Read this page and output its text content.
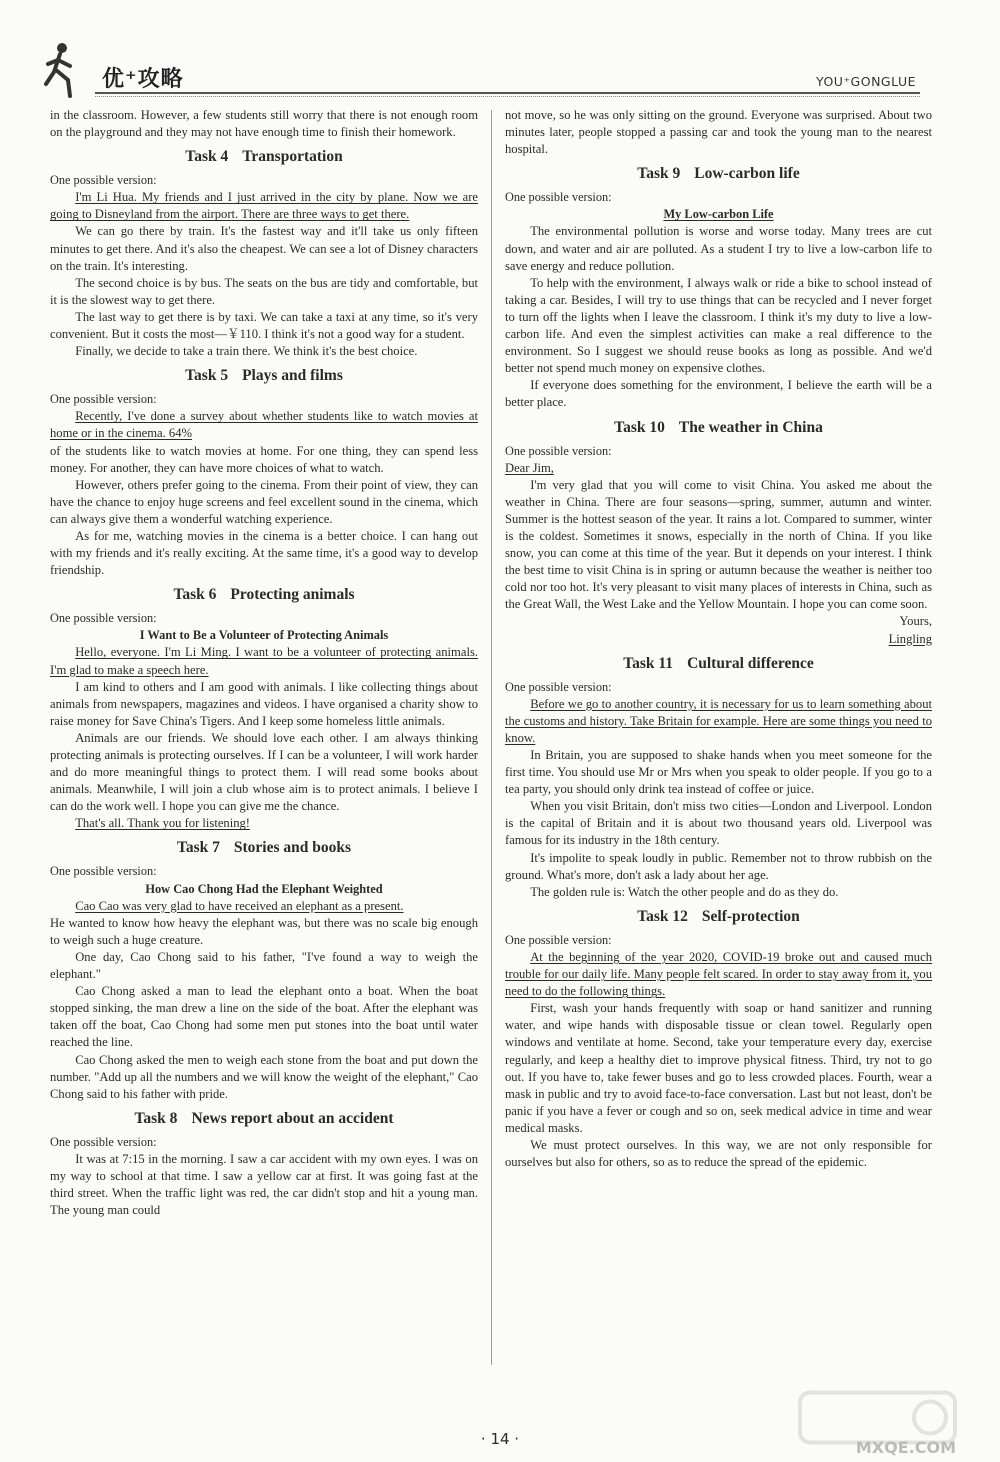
优⁺攻略	YOU⁺GONGLUE

in the classroom. However, a few students still worry that there is not enough room on the playground and they may not have enough time to finish their homework.

Task 4 Transportation

One possible version:

I'm Li Hua. My friends and I just arrived in the city by plane. Now we are going to Disneyland from the airport. There are three ways to get there.

We can go there by train. It's the fastest way and it'll take us only fifteen minutes to get there. And it's also the cheapest. We can see a lot of Disney characters on the train. It's interesting.

The second choice is by bus. The seats on the bus are tidy and comfortable, but it is the slowest way to get there.

The last way to get there is by taxi. We can take a taxi at any time, so it's very convenient. But it costs the most—￥110. I think it's not a good way for a student.

Finally, we decide to take a train there. We think it's the best choice.

Task 5 Plays and films

One possible version:

Recently, I've done a survey about whether students like to watch movies at home or in the cinema. 64%

of the students like to watch movies at home. For one thing, they can spend less money. For another, they can have more choices of what to watch.

However, others prefer going to the cinema. From their point of view, they can have the chance to enjoy huge screens and feel excellent sound in the cinema, which can always give them a wonderful watching experience.

As for me, watching movies in the cinema is a better choice. I can hang out with my friends and it's really exciting. At the same time, it's a good way to develop friendship.

Task 6 Protecting animals

One possible version:

I Want to Be a Volunteer of Protecting Animals

Hello, everyone. I'm Li Ming. I want to be a volunteer of protecting animals. I'm glad to make a speech here.

I am kind to others and I am good with animals. I like collecting things about animals from newspapers, magazines and videos. I have organised a charity show to raise money for Save China's Tigers. And I keep some homeless little animals.

Animals are our friends. We should love each other. I am always thinking protecting animals is protecting ourselves. If I can be a volunteer, I will work harder and do more meaningful things to protect them. I will read some books about animals. Meanwhile, I will join a club whose aim is to protect animals. I believe I can do the work well. I hope you can give me the chance.

That's all. Thank you for listening!

Task 7 Stories and books

One possible version:

How Cao Chong Had the Elephant Weighted

Cao Cao was very glad to have received an elephant as a present.

He wanted to know how heavy the elephant was, but there was no scale big enough to weigh such a huge creature.

One day, Cao Chong said to his father, "I've found a way to weigh the elephant."

Cao Chong asked a man to lead the elephant onto a boat. When the boat stopped sinking, the man drew a line on the side of the boat. After the elephant was taken off the boat, Cao Chong had some men put stones into the boat until water reached the line.

Cao Chong asked the men to weigh each stone from the boat and put down the number. "Add up all the numbers and we will know the weight of the elephant," Cao Chong said to his father with pride.

Task 8 News report about an accident

One possible version:

It was at 7:15 in the morning. I saw a car accident with my own eyes. I was on my way to school at that time. I saw a yellow car at first. It was going fast at the third street. When the traffic light was red, the car didn't stop and hit a young man. The young man could

not move, so he was only sitting on the ground. Everyone was surprised. About two minutes later, people stopped a passing car and took the young man to the nearest hospital.

Task 9 Low-carbon life

One possible version:

My Low-carbon Life

The environmental pollution is worse and worse today. Many trees are cut down, and water and air are polluted. As a student I try to live a low-carbon life to save energy and reduce pollution.

To help with the environment, I always walk or ride a bike to school instead of taking a car. Besides, I will try to use things that can be recycled and I never forget to turn off the lights when I leave the classroom. I think it's my duty to live a low-carbon life. And even the simplest activities can make a real difference to the environment. So I suggest we should reuse books as long as possible. And we'd better not spend much money on expensive clothes.

If everyone does something for the environment, I believe the earth will be a better place.

Task 10 The weather in China

One possible version:

Dear Jim,

I'm very glad that you will come to visit China. You asked me about the weather in China. There are four seasons—spring, summer, autumn and winter. Summer is the hottest season of the year. It rains a lot. Compared to summer, winter is the coldest. Sometimes it snows, especially in the north of China. If you like snow, you can come at this time of the year. But it depends on your interest. I think the best time to visit China is in spring or autumn because the weather is neither too cold nor too hot. It's very pleasant to visit many places of interests in China, such as the Great Wall, the West Lake and the Yellow Mountain. I hope you can come soon.

Yours,

Lingling

Task 11 Cultural difference

One possible version:

Before we go to another country, it is necessary for us to learn something about the customs and history. Take Britain for example. Here are some things you need to know.

In Britain, you are supposed to shake hands when you meet someone for the first time. You should use Mr or Mrs when you speak to older people. If you go to a tea party, you should only drink tea instead of coffee or juice.

When you visit Britain, don't miss two cities—London and Liverpool. London is the capital of Britain and it is about two thousand years old. Liverpool was famous for its industry in the 18th century.

It's impolite to speak loudly in public. Remember not to throw rubbish on the ground. What's more, don't ask a lady about her age.

The golden rule is: Watch the other people and do as they do.

Task 12 Self-protection

One possible version:

At the beginning of the year 2020, COVID-19 broke out and caused much trouble for our daily life. Many people felt scared. In order to stay away from it, you need to do the following things.

First, wash your hands frequently with soap or hand sanitizer and running water, and wipe hands with disposable tissue or clean towel. Regularly open windows and ventilate at home. Second, take your temperature every day, exercise regularly, and keep a healthy diet to improve physical fitness. Third, try not to go out. If you have to, take fewer buses and go to less crowded places. Fourth, wear a mask in public and try to avoid face-to-face conversation. Last but not least, don't be panic if you have a fever or cough and so on, seek medical advice in time and wear medical masks.

We must protect ourselves. In this way, we are not only responsible for ourselves but also for others, so as to reduce the spread of the epidemic.

MXQE.COM
· 14 ·
